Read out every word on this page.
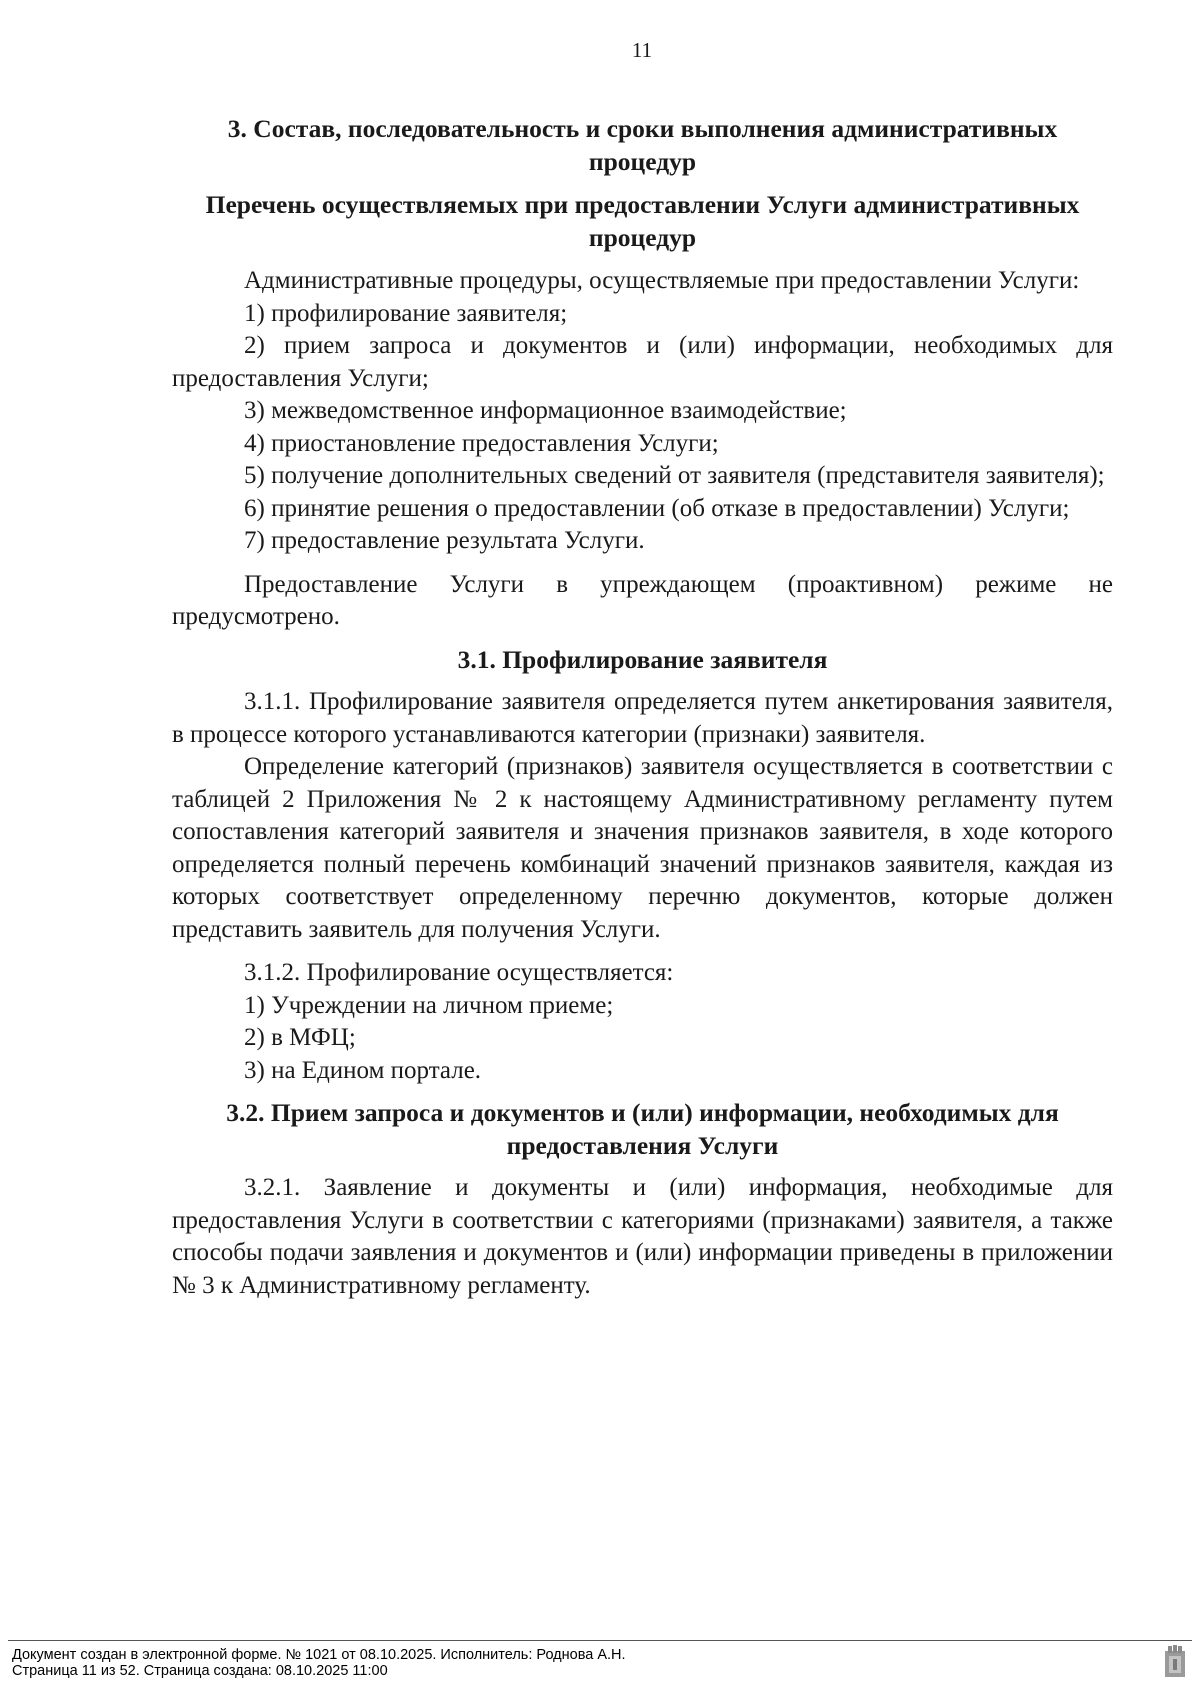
11
3. Состав, последовательность и сроки выполнения административных процедур
Перечень осуществляемых при предоставлении Услуги административных процедур

Административные процедуры, осуществляемые при предоставлении Услуги:

1) профилирование заявителя;

2) прием запроса и документов и (или) информации, необходимых для предоставления Услуги;

3) межведомственное информационное взаимодействие;

4) приостановление предоставления Услуги;

5) получение дополнительных сведений от заявителя (представителя заявителя);

6) принятие решения о предоставлении (об отказе в предоставлении) Услуги;

7) предоставление результата Услуги.

Предоставление Услуги в упреждающем (проактивном) режиме не предусмотрено.

3.1. Профилирование заявителя

3.1.1. Профилирование заявителя определяется путем анкетирования заявителя, в процессе которого устанавливаются категории (признаки) заявителя.

Определение категорий (признаков) заявителя осуществляется в соответствии с таблицей 2 Приложения № 2 к настоящему Административному регламенту путем сопоставления категорий заявителя и значения признаков заявителя, в ходе которого определяется полный перечень комбинаций значений признаков заявителя, каждая из которых соответствует определенному перечню документов, которые должен представить заявитель для получения Услуги.

3.1.2. Профилирование осуществляется:

1) Учреждении на личном приеме;

2) в МФЦ;

3) на Едином портале.

3.2. Прием запроса и документов и (или) информации, необходимых для предоставления Услуги

3.2.1. Заявление и документы и (или) информация, необходимые для предоставления Услуги в соответствии с категориями (признаками) заявителя, а также способы подачи заявления и документов и (или) информации приведены в приложении № 3 к Административному регламенту.

Документ создан в электронной форме. № 1021 от 08.10.2025. Исполнитель: Роднова А.Н.
Страница 11 из 52. Страница создана: 08.10.2025 11:00
